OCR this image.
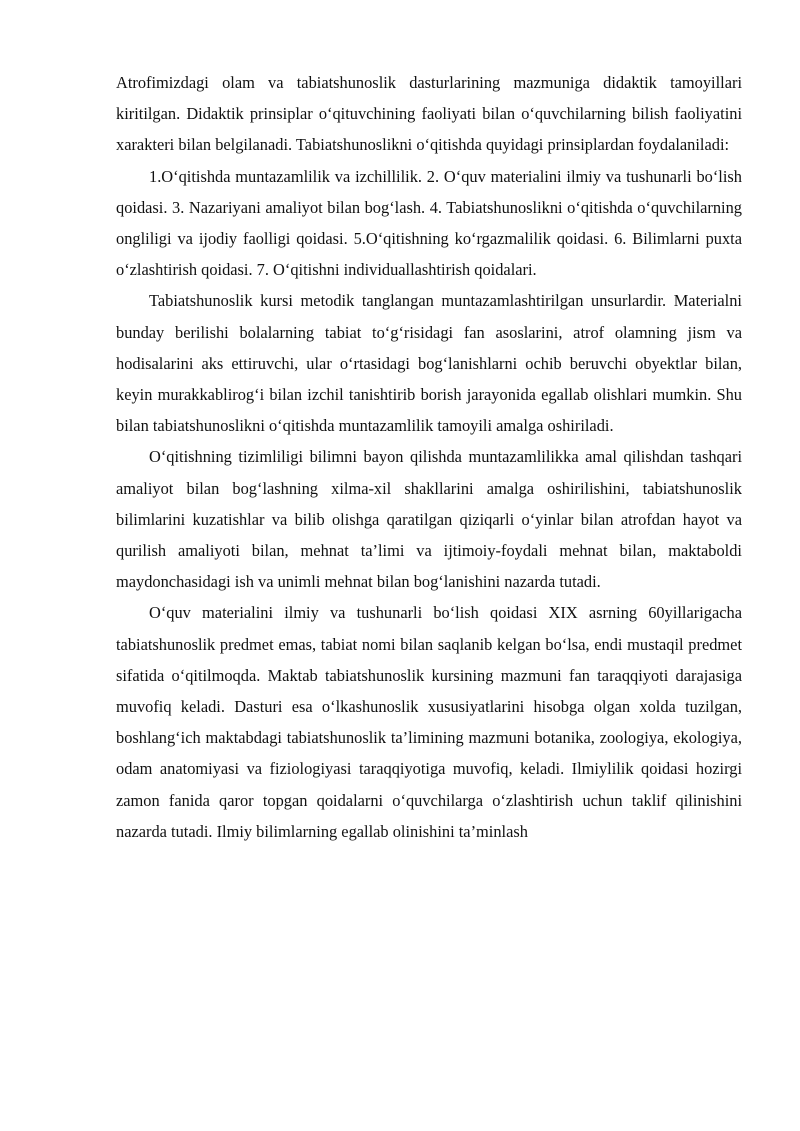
Atrofimizdagi olam va tabiatshunoslik dasturlarining mazmuniga didaktik tamoyillari kiritilgan. Didaktik prinsiplar o‘qituvchining faoliyati bilan o‘quvchilarning bilish faoliyatini xarakteri bilan belgilanadi. Tabiatshunoslikni o‘qitishda quyidagi prinsiplardan foydalaniladi:

1.O‘qitishda muntazamlilik va izchillilik. 2. O‘quv materialini ilmiy va tushunarli bo‘lish qoidasi. 3. Nazariyani amaliyot bilan bog‘lash. 4. Tabiatshunoslikni o‘qitishda o‘quvchilarning ongliligi va ijodiy faolligi qoidasi. 5.O‘qitishning ko‘rgazmalilik qoidasi. 6. Bilimlarni puxta o‘zlashtirish qoidasi. 7. O‘qitishni individuallashtirish qoidalari.

Tabiatshunoslik kursi metodik tanglangan muntazamlashtirilgan unsurlardir. Materialni bunday berilishi bolalarning tabiat to‘g‘risidagi fan asoslarini, atrof olamning jism va hodisalarini aks ettiruvchi, ular o‘rtasidagi bog‘lanishlarni ochib beruvchi obyektlar bilan, keyin murakkablirog‘i bilan izchil tanishtirib borish jarayonida egallab olishlari mumkin. Shu bilan tabiatshunoslikni o‘qitishda muntazamlilik tamoyili amalga oshiriladi.

O‘qitishning tizimliligi bilimni bayon qilishda muntazamlilikka amal qilishdan tashqari amaliyot bilan bog‘lashning xilma-xil shakllarini amalga oshirilishini, tabiatshunoslik bilimlarini kuzatishlar va bilib olishga qaratilgan qiziqarli o‘yinlar bilan atrofdan hayot va qurilish amaliyoti bilan, mehnat ta’limi va ijtimoiy-foydali mehnat bilan, maktaboldi maydonchasidagi ish va unimli mehnat bilan bog‘lanishini nazarda tutadi.

O‘quv materialini ilmiy va tushunarli bo‘lish qoidasi XIX asrning 60yillarigacha tabiatshunoslik predmet emas, tabiat nomi bilan saqlanib kelgan bo‘lsa, endi mustaqil predmet sifatida o‘qitilmoqda. Maktab tabiatshunoslik kursining mazmuni fan taraqqiyoti darajasiga muvofiq keladi. Dasturi esa o‘lkashunoslik xususiyatlarini hisobga olgan xolda tuzilgan, boshlang‘ich maktabdagi tabiatshunoslik ta’limining mazmuni botanika, zoologiya, ekologiya, odam anatomiyasi va fiziologiyasi taraqqiyotiga muvofiq, keladi. Ilmiylilik qoidasi hozirgi zamon fanida qaror topgan qoidalarni o‘quvchilarga o‘zlashtirish uchun taklif qilinishini nazarda tutadi. Ilmiy bilimlarning egallab olinishini ta’minlash
